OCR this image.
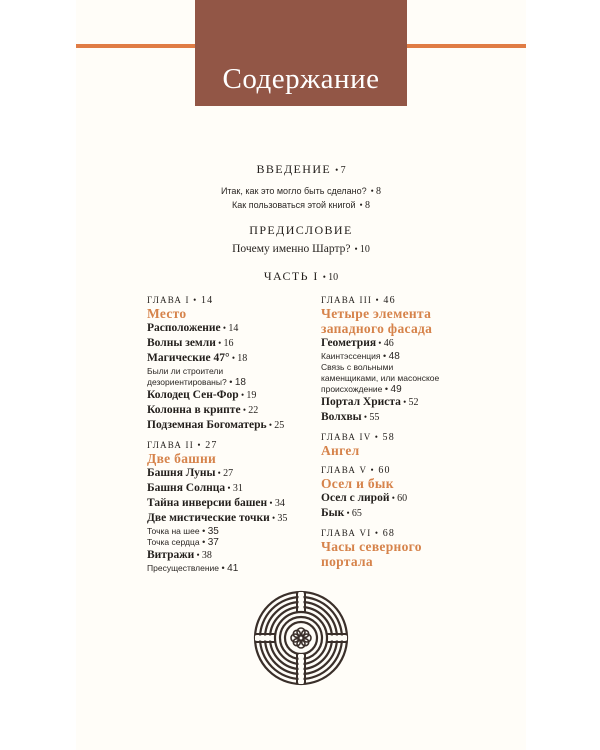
Содержание
ВВЕДЕНИЕ • 7
Итак, как это могло быть сделано? • 8
Как пользоваться этой книгой • 8
ПРЕДИСЛОВИЕ
Почему именно Шартр? • 10
ЧАСТЬ I • 10
ГЛАВА I • 14
Место
Расположение • 14
Волны земли • 16
Магические 47° • 18
Были ли строители
дезориентированы? • 18
Колодец Сен-Фор • 19
Колонна в крипте • 22
Подземная Богоматерь • 25
ГЛАВА II • 27
Две башни
Башня Луны • 27
Башня Солнца • 31
Тайна инверсии башен • 34
Две мистические точки • 35
Точка на шее • 35
Точка сердца • 37
Витражи • 38
Пресуществление • 41
ГЛАВА III • 46
Четыре элемента западного фасада
Геометрия • 46
Каинтэссенция • 48
Связь с вольными
каменщиками, или масонское
происхождение • 49
Портал Христа • 52
Волхвы • 55
ГЛАВА IV • 58
Ангел
ГЛАВА V • 60
Осел и бык
Осел с лирой • 60
Бык • 65
ГЛАВА VI • 68
Часы северного портала
